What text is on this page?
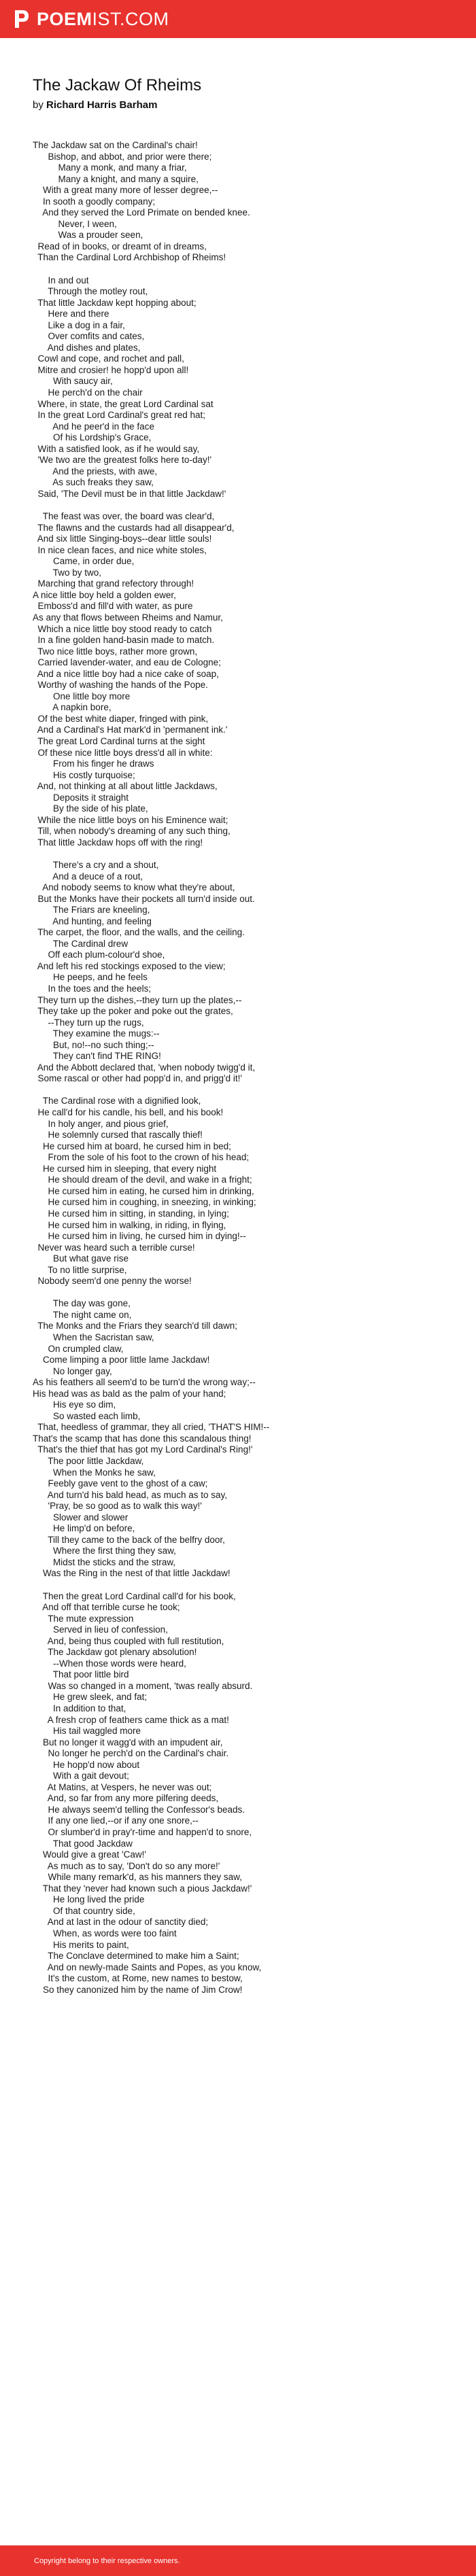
POEMIST.COM
The Jackaw Of Rheims
by Richard Harris Barham
The Jackdaw sat on the Cardinal's chair!
Bishop, and abbot, and prior were there;
Many a monk, and many a friar,
Many a knight, and many a squire,
With a great many more of lesser degree,--
In sooth a goodly company;
And they served the Lord Primate on bended knee.
Never, I ween,
Was a prouder seen,
Read of in books, or dreamt of in dreams,
Than the Cardinal Lord Archbishop of Rheims!
In and out
Through the motley rout,
That little Jackdaw kept hopping about;
Here and there
Like a dog in a fair,
Over comfits and cates,
And dishes and plates,
Cowl and cope, and rochet and pall,
Mitre and crosier! he hopp'd upon all!
With saucy air,
He perch'd on the chair
Where, in state, the great Lord Cardinal sat
In the great Lord Cardinal's great red hat;
And he peer'd in the face
Of his Lordship's Grace,
With a satisfied look, as if he would say,
'We two are the greatest folks here to-day!'
And the priests, with awe,
As such freaks they saw,
Said, 'The Devil must be in that little Jackdaw!'
The feast was over, the board was clear'd,
The flawns and the custards had all disappear'd,
And six little Singing-boys--dear little souls!
In nice clean faces, and nice white stoles,
Came, in order due,
Two by two,
Marching that grand refectory through!
A nice little boy held a golden ewer,
Emboss'd and fill'd with water, as pure
As any that flows between Rheims and Namur,
Which a nice little boy stood ready to catch
In a fine golden hand-basin made to match.
Two nice little boys, rather more grown,
Carried lavender-water, and eau de Cologne;
And a nice little boy had a nice cake of soap,
Worthy of washing the hands of the Pope.
One little boy more
A napkin bore,
Of the best white diaper, fringed with pink,
And a Cardinal's Hat mark'd in 'permanent ink.'
The great Lord Cardinal turns at the sight
Of these nice little boys dress'd all in white:
From his finger he draws
His costly turquoise;
And, not thinking at all about little Jackdaws,
Deposits it straight
By the side of his plate,
While the nice little boys on his Eminence wait;
Till, when nobody's dreaming of any such thing,
That little Jackdaw hops off with the ring!
There's a cry and a shout,
And a deuce of a rout,
And nobody seems to know what they're about,
But the Monks have their pockets all turn'd inside out.
The Friars are kneeling,
And hunting, and feeling
The carpet, the floor, and the walls, and the ceiling.
The Cardinal drew
Off each plum-colour'd shoe,
And left his red stockings exposed to the view;
He peeps, and he feels
In the toes and the heels;
They turn up the dishes,--they turn up the plates,--
They take up the poker and poke out the grates,
--They turn up the rugs,
They examine the mugs:--
But, no!--no such thing;--
They can't find THE RING!
And the Abbott declared that, 'when nobody twigg'd it,
Some rascal or other had popp'd in, and prigg'd it!'
The Cardinal rose with a dignified look,
He call'd for his candle, his bell, and his book!
In holy anger, and pious grief,
He solemnly cursed that rascally thief!
He cursed him at board, he cursed him in bed;
From the sole of his foot to the crown of his head;
He cursed him in sleeping, that every night
He should dream of the devil, and wake in a fright;
He cursed him in eating, he cursed him in drinking,
He cursed him in coughing, in sneezing, in winking;
He cursed him in sitting, in standing, in lying;
He cursed him in walking, in riding, in flying,
He cursed him in living, he cursed him in dying!--
Never was heard such a terrible curse!
But what gave rise
To no little surprise,
Nobody seem'd one penny the worse!
The day was gone,
The night came on,
The Monks and the Friars they search'd till dawn;
When the Sacristan saw,
On crumpled claw,
Come limping a poor little lame Jackdaw!
No longer gay,
As his feathers all seem'd to be turn'd the wrong way;--
His head was as bald as the palm of your hand;
His eye so dim,
So wasted each limb,
That, heedless of grammar, they all cried, 'THAT'S HIM!--
That's the scamp that has done this scandalous thing!
That's the thief that has got my Lord Cardinal's Ring!'
The poor little Jackdaw,
When the Monks he saw,
Feebly gave vent to the ghost of a caw;
And turn'd his bald head, as much as to say,
'Pray, be so good as to walk this way!'
Slower and slower
He limp'd on before,
Till they came to the back of the belfry door,
Where the first thing they saw,
Midst the sticks and the straw,
Was the Ring in the nest of that little Jackdaw!
Then the great Lord Cardinal call'd for his book,
And off that terrible curse he took;
The mute expression
Served in lieu of confession,
And, being thus coupled with full restitution,
The Jackdaw got plenary absolution!
--When those words were heard,
That poor little bird
Was so changed in a moment, 'twas really absurd.
He grew sleek, and fat;
In addition to that,
A fresh crop of feathers came thick as a mat!
His tail waggled more
But no longer it wagg'd with an impudent air,
No longer he perch'd on the Cardinal's chair.
He hopp'd now about
With a gait devout;
At Matins, at Vespers, he never was out;
And, so far from any more pilfering deeds,
He always seem'd telling the Confessor's beads.
If any one lied,--or if any one snore,--
Or slumber'd in pray'r-time and happen'd to snore,
That good Jackdaw
Would give a great 'Caw!'
As much as to say, 'Don't do so any more!'
While many remark'd, as his manners they saw,
That they 'never had known such a pious Jackdaw!'
He long lived the pride
Of that country side,
And at last in the odour of sanctity died;
When, as words were too faint
His merits to paint,
The Conclave determined to make him a Saint;
And on newly-made Saints and Popes, as you know,
It's the custom, at Rome, new names to bestow,
So they canonized him by the name of Jim Crow!
Copyright belong to their respective owners.
